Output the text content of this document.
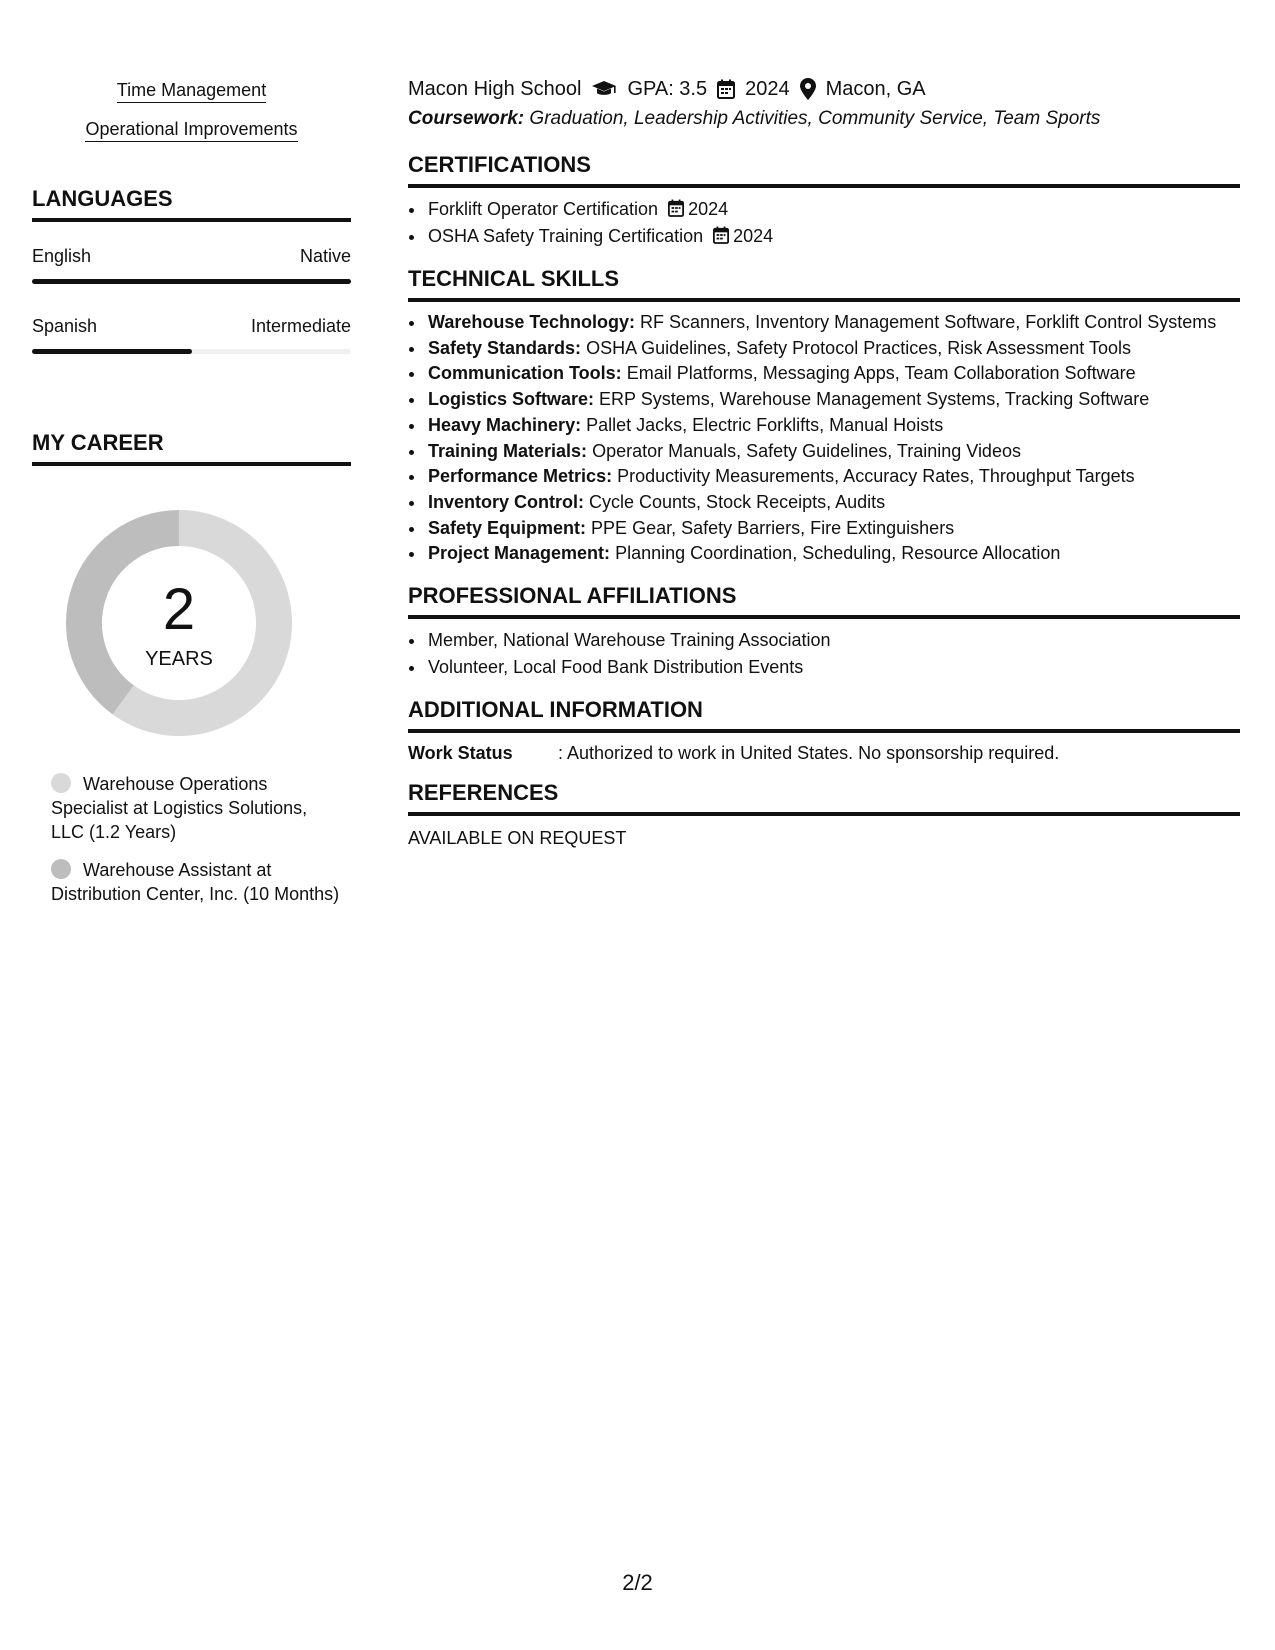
Time Management
Operational Improvements
LANGUAGES
English	Native
Spanish	Intermediate
MY CAREER
2
YEARS
Warehouse Operations Specialist at Logistics Solutions, LLC (1.2 Years)
Warehouse Assistant at Distribution Center, Inc. (10 Months)
Macon High School GPA: 3.5 2024 Macon, GA
Coursework: Graduation, Leadership Activities, Community Service, Team Sports
CERTIFICATIONS
• Forklift Operator Certification 2024
• OSHA Safety Training Certification 2024
TECHNICAL SKILLS
• Warehouse Technology: RF Scanners, Inventory Management Software, Forklift Control Systems
• Safety Standards: OSHA Guidelines, Safety Protocol Practices, Risk Assessment Tools
• Communication Tools: Email Platforms, Messaging Apps, Team Collaboration Software
• Logistics Software: ERP Systems, Warehouse Management Systems, Tracking Software
• Heavy Machinery: Pallet Jacks, Electric Forklifts, Manual Hoists
• Training Materials: Operator Manuals, Safety Guidelines, Training Videos
• Performance Metrics: Productivity Measurements, Accuracy Rates, Throughput Targets
• Inventory Control: Cycle Counts, Stock Receipts, Audits
• Safety Equipment: PPE Gear, Safety Barriers, Fire Extinguishers
• Project Management: Planning Coordination, Scheduling, Resource Allocation
PROFESSIONAL AFFILIATIONS
• Member, National Warehouse Training Association
• Volunteer, Local Food Bank Distribution Events
ADDITIONAL INFORMATION
Work Status	: Authorized to work in United States. No sponsorship required.
REFERENCES
AVAILABLE ON REQUEST
2/2
